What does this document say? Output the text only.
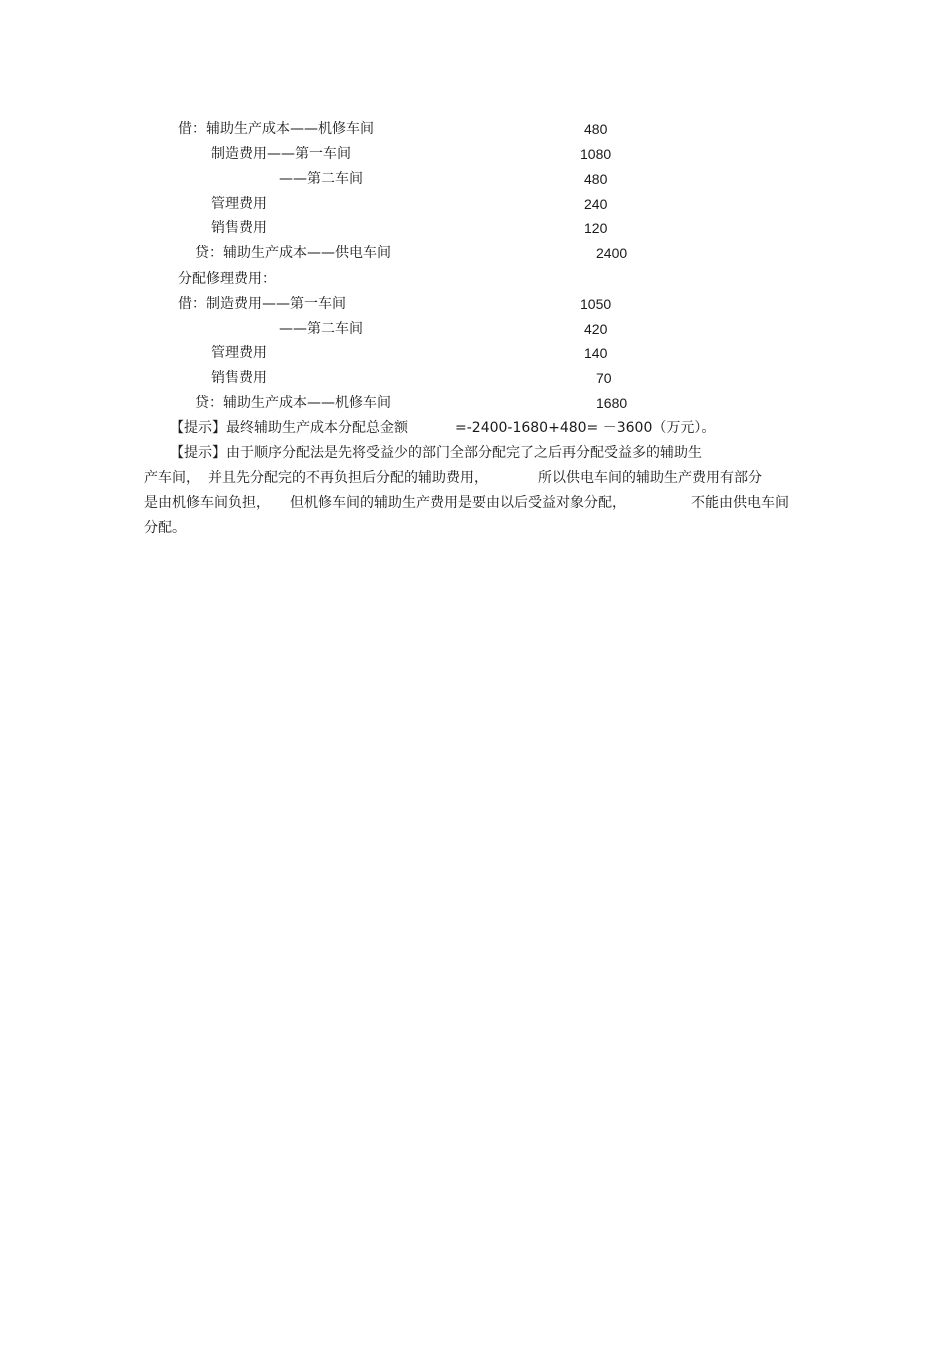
借：辅助生产成本——机修车间	480
制造费用——第一车间	1080
——第二车间	480
管理费用	240
销售费用	120
贷：辅助生产成本——供电车间	2400
分配修理费用：
借：制造费用——第一车间	1050
——第二车间	420
管理费用	140
销售费用	70
贷：辅助生产成本——机修车间	1680
【提示】最终辅助生产成本分配总金额	=-2400-1680+480= －3600（万元）。
【提示】由于顺序分配法是先将受益少的部门全部分配完了之后再分配受益多的辅助生
产车间， 并且先分配完的不再负担后分配的辅助费用，	所以供电车间的辅助生产费用有部分
是由机修车间负担， 但机修车间的辅助生产费用是要由以后受益对象分配，	不能由供电车间
分配。
